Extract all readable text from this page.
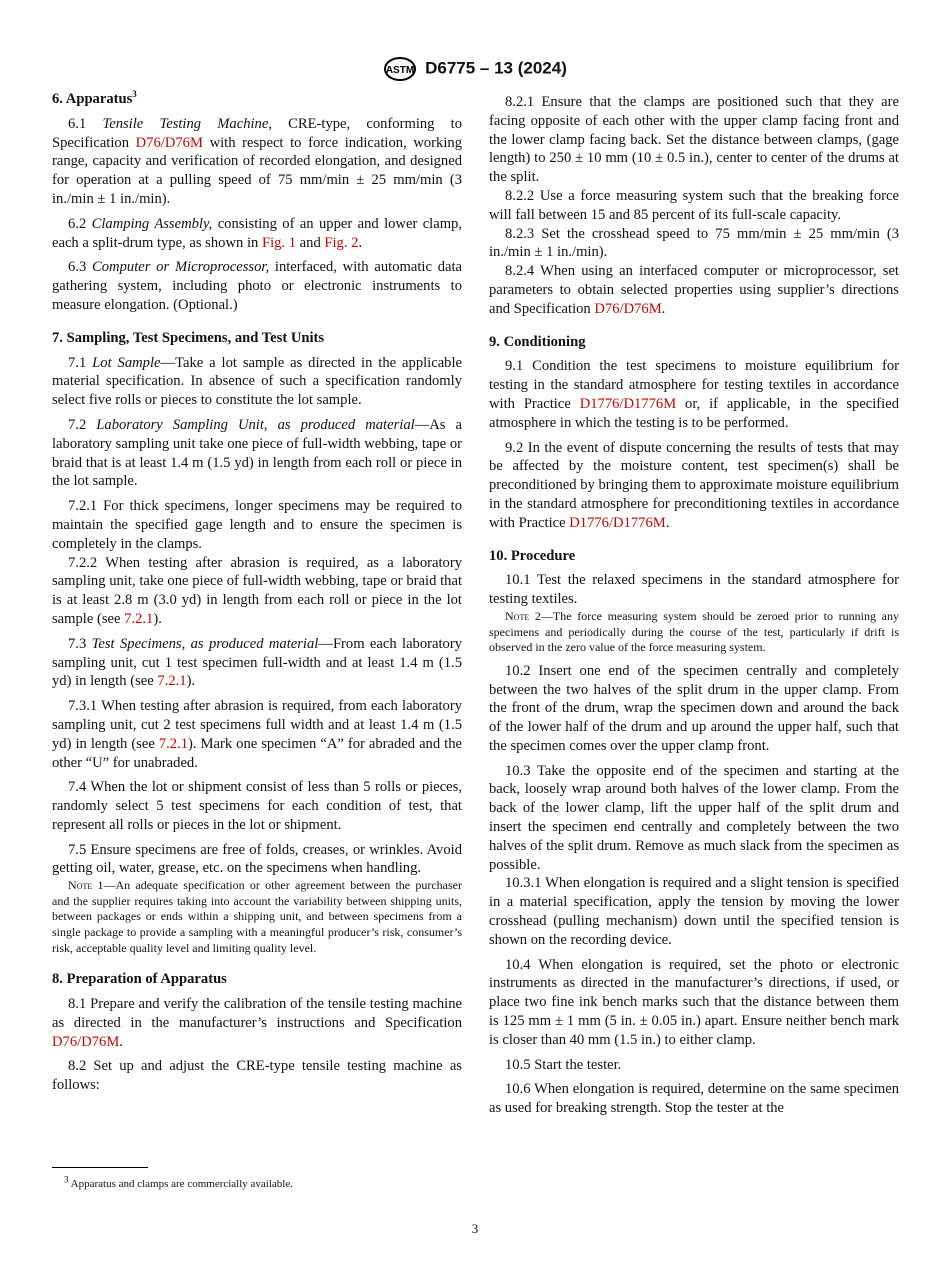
ASTM D6775 – 13 (2024)
6. Apparatus$^3$

6.1 Tensile Testing Machine, CRE-type, conforming to Specification D76/D76M with respect to force indication, working range, capacity and verification of recorded elongation, and designed for operation at a pulling speed of 75 mm/min ± 25 mm/min (3 in./min ± 1 in./min).

6.2 Clamping Assembly, consisting of an upper and lower clamp, each a split-drum type, as shown in Fig. 1 and Fig. 2.

6.3 Computer or Microprocessor, interfaced, with automatic data gathering system, including photo or electronic instruments to measure elongation. (Optional.)

7. Sampling, Test Specimens, and Test Units

7.1 Lot Sample—Take a lot sample as directed in the applicable material specification. In absence of such a specification randomly select five rolls or pieces to constitute the lot sample.

7.2 Laboratory Sampling Unit, as produced material—As a laboratory sampling unit take one piece of full-width webbing, tape or braid that is at least 1.4 m (1.5 yd) in length from each roll or piece in the lot sample.

7.2.1 For thick specimens, longer specimens may be required to maintain the specified gage length and to ensure the specimen is completely in the clamps.

7.2.2 When testing after abrasion is required, as a laboratory sampling unit, take one piece of full-width webbing, tape or braid that is at least 2.8 m (3.0 yd) in length from each roll or piece in the lot sample (see 7.2.1).

7.3 Test Specimens, as produced material—From each laboratory sampling unit, cut 1 test specimen full-width and at least 1.4 m (1.5 yd) in length (see 7.2.1).

7.3.1 When testing after abrasion is required, from each laboratory sampling unit, cut 2 test specimens full width and at least 1.4 m (1.5 yd) in length (see 7.2.1). Mark one specimen “A” for abraded and the other “U” for unabraded.

7.4 When the lot or shipment consist of less than 5 rolls or pieces, randomly select 5 test specimens for each condition of test, that represent all rolls or pieces in the lot or shipment.

7.5 Ensure specimens are free of folds, creases, or wrinkles. Avoid getting oil, water, grease, etc. on the specimens when handling.

Note 1—An adequate specification or other agreement between the purchaser and the supplier requires taking into account the variability between shipping units, between packages or ends within a shipping unit, and between specimens from a single package to provide a sampling with a meaningful producer’s risk, consumer’s risk, acceptable quality level and limiting quality level.

8. Preparation of Apparatus

8.1 Prepare and verify the calibration of the tensile testing machine as directed in the manufacturer’s instructions and Specification D76/D76M.

8.2 Set up and adjust the CRE-type tensile testing machine as follows:

8.2.1 Ensure that the clamps are positioned such that they are facing opposite of each other with the upper clamp facing front and the lower clamp facing back. Set the distance between clamps, (gage length) to 250 ± 10 mm (10 ± 0.5 in.), center to center of the drums at the split.

8.2.2 Use a force measuring system such that the breaking force will fall between 15 and 85 percent of its full-scale capacity.

8.2.3 Set the crosshead speed to 75 mm/min ± 25 mm/min (3 in./min ± 1 in./min).

8.2.4 When using an interfaced computer or microprocessor, set parameters to obtain selected properties using supplier’s directions and Specification D76/D76M.

9. Conditioning

9.1 Condition the test specimens to moisture equilibrium for testing in the standard atmosphere for testing textiles in accordance with Practice D1776/D1776M or, if applicable, in the specified atmosphere in which the testing is to be performed.

9.2 In the event of dispute concerning the results of tests that may be affected by the moisture content, test specimen(s) shall be preconditioned by bringing them to approximate moisture equilibrium in the standard atmosphere for preconditioning textiles in accordance with Practice D1776/D1776M.

10. Procedure

10.1 Test the relaxed specimens in the standard atmosphere for testing textiles.

Note 2—The force measuring system should be zeroed prior to running any specimens and periodically during the course of the test, particularly if drift is observed in the zero value of the force measuring system.

10.2 Insert one end of the specimen centrally and completely between the two halves of the split drum in the upper clamp. From the front of the drum, wrap the specimen down and around the back of the lower half of the drum and up around the upper half, such that the specimen comes over the upper clamp front.

10.3 Take the opposite end of the specimen and starting at the back, loosely wrap around both halves of the lower clamp. From the back of the lower clamp, lift the upper half of the split drum and insert the specimen end centrally and completely between the two halves of the split drum. Remove as much slack from the specimen as possible.

10.3.1 When elongation is required and a slight tension is specified in a material specification, apply the tension by moving the lower crosshead (pulling mechanism) down until the specified tension is shown on the recording device.

10.4 When elongation is required, set the photo or electronic instruments as directed in the manufacturer’s directions, if used, or place two fine ink bench marks such that the distance between them is 125 mm ± 1 mm (5 in. ± 0.05 in.) apart. Ensure neither bench mark is closer than 40 mm (1.5 in.) to either clamp.

10.5 Start the tester.

10.6 When elongation is required, determine on the same specimen as used for breaking strength. Stop the tester at the

$^3$ Apparatus and clamps are commercially available.
3
